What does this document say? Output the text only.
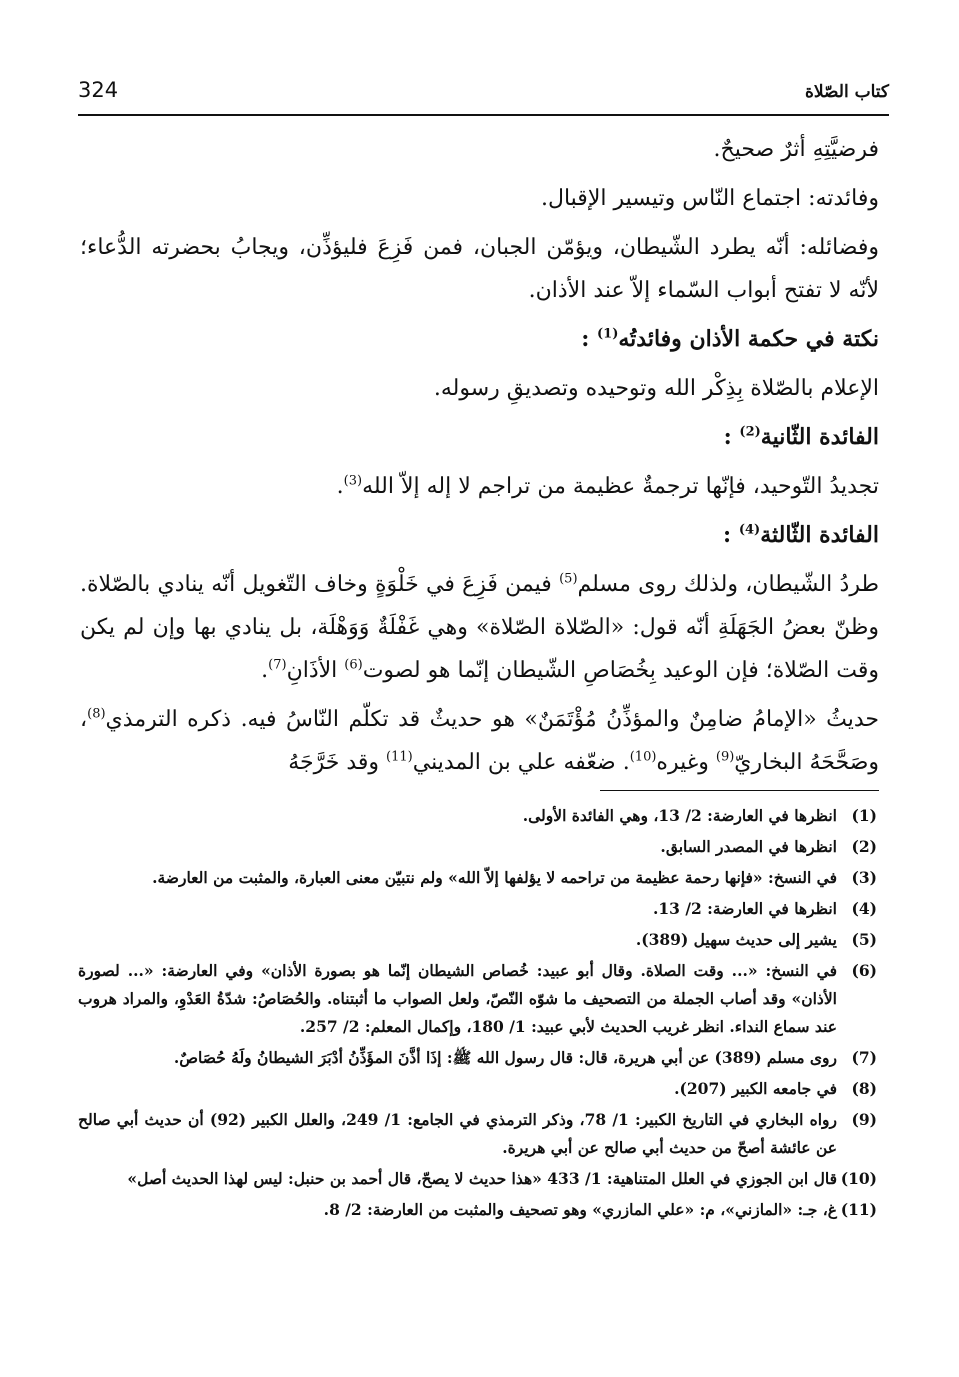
كتاب الصّلاة
324

فرضيَّتِهِ أثرٌ صحيحٌ.

وفائدته: اجتماع النّاس وتيسير الإقبال.

وفضائله: أنّه يطرد الشّيطان، ويؤمّن الجبان، فمن فَزِعَ فليؤذِّن، ويجابُ بحضرته الدُّعاء؛ لأنّه لا تفتح أبواب السّماء إلاّ عند الأذان.

نكتة في حكمة الأذان وفائدتُه$^{(1)}$ :

الإعلام بالصّلاة بِذِكْر الله وتوحيده وتصديقِ رسوله.

الفائدة الثّانية$^{(2)}$ :

تجديدُ التّوحيد، فإنّها ترجمةٌ عظيمة من تراجم لا إله إلاّ الله$^{(3)}$.

الفائدة الثّالثة$^{(4)}$ :

طردُ الشّيطان، ولذلك روى مسلم$^{(5)}$ فيمن فَزِعَ في خَلْوَةٍ وخاف التّغويل أنّه ينادي بالصّلاة. وظنّ بعضُ الجَهَلَةِ أنّه قول: «الصّلاة الصّلاة» وهي غَفْلَةٌ وَوَهْلَة، بل ينادي بها وإن لم يكن وقت الصّلاة؛ فإن الوعيد بِخُصَاصِ الشّيطان إنّما هو لصوت$^{(6)}$ الأذَانِ$^{(7)}$.

حديثُ «الإمامُ ضامِنٌ والمؤذِّنُ مُؤْتَمَنٌ» هو حديثٌ قد تكلّم النّاسُ فيه. ذكره الترمذي$^{(8)}$، وصَحَّحَهُ البخاريّ$^{(9)}$ وغيره$^{(10)}$. ضعّفه علي بن المديني$^{(11)}$ وقد خَرَّجَهُ

(1)
انظرها في العارضة: 2/ 13، وهي الفائدة الأولى.
(2)
انظرها في المصدر السابق.
(3)
في النسخ: «فإنها رحمة عظيمة من تراحمه لا يؤلفها إلاّ الله» ولم نتبيّن معنى العبارة، والمثبت من العارضة.
(4)
انظرها في العارضة: 2/ 13.
(5)
يشير إلى حديث سهيل (389).
(6)
في النسخ: «... وقت الصلاة. وقال أبو عبيد: خُصاص الشيطان إنّما هو بصورة الأذان» وفي العارضة: «... لصورة الأذان» وقد أصاب الجملة من التصحيف ما شوّه النّصّ، ولعل الصواب ما أثبتناه. والحُصَاصُ: شدّةُ العَدْوِ، والمراد هروب عند سماع النداء. انظر غريب الحديث لأبي عبيد: 1/ 180، وإكمال المعلم: 2/ 257.
(7)
روى مسلم (389) عن أبي هريرة، قال: قال رسول الله ﷺ: إذَا أذَّنَ المؤَذِّنُ أدْبَرَ الشيطانُ ولَهُ حُصَاصٌ.
(8)
في جامعه الكبير (207).
(9)
رواه البخاري في التاريخ الكبير: 1/ 78، وذكر الترمذي في الجامع: 1/ 249، والعلل الكبير (92) أن حديث أبي صالح عن عائشة أصحّ من حديث أبي صالح عن أبي هريرة.
(10)
قال ابن الجوزي في العلل المتناهية: 1/ 433 «هذا حديث لا يصحّ، قال أحمد بن حنبل: ليس لهذا الحديث أصل»
(11)
غ، جـ: «المازني»، م: «علي المازري» وهو تصحيف والمثبت من العارضة: 2/ 8.
